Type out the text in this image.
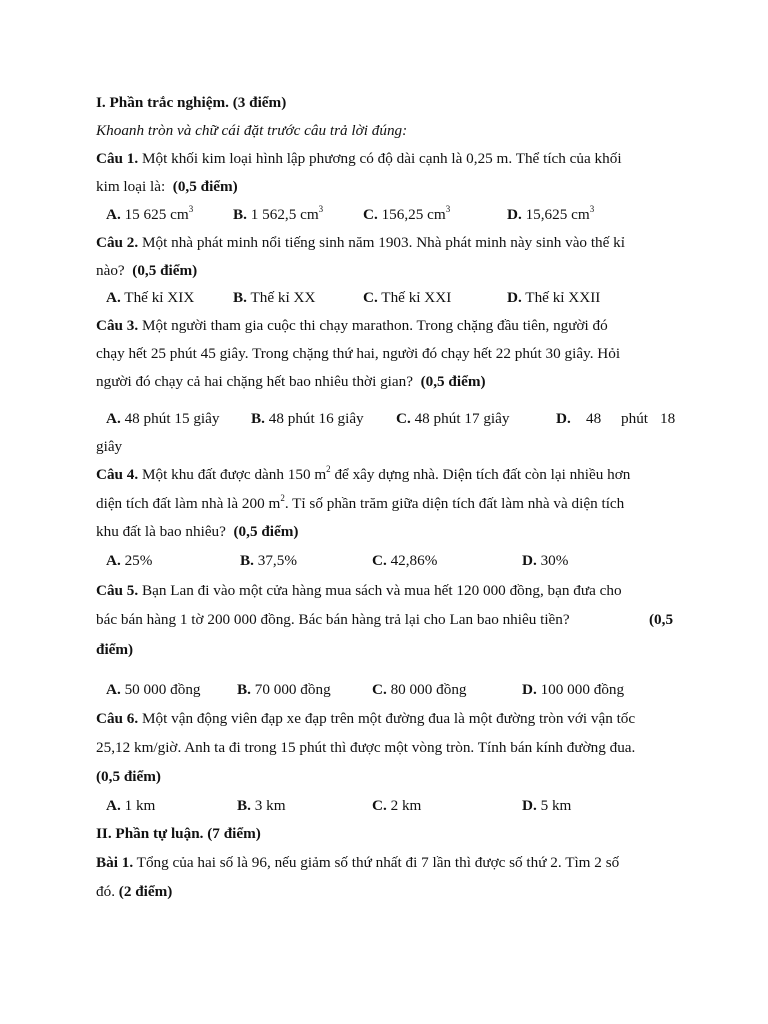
I. Phần trắc nghiệm. (3 điểm)
Khoanh tròn và chữ cái đặt trước câu trả lời đúng:
Câu 1. Một khối kim loại hình lập phương có độ dài cạnh là 0,25 m. Thể tích của khối
kim loại là: (0,5 điểm)
A. 15 625 $cm^3$	B. 1 562,5 $cm^3$	C. 156,25 $cm^3$	D. 15,625 $cm^3$
Câu 2. Một nhà phát minh nổi tiếng sinh năm 1903. Nhà phát minh này sinh vào thế kỉ
nào? (0,5 điểm)
A. Thế kỉ XIX	B. Thế kỉ XX	C. Thế kỉ XXI	D. Thế kỉ XXII
Câu 3. Một người tham gia cuộc thi chạy marathon. Trong chặng đầu tiên, người đó
chạy hết 25 phút 45 giây. Trong chặng thứ hai, người đó chạy hết 22 phút 30 giây. Hỏi
người đó chạy cả hai chặng hết bao nhiêu thời gian? (0,5 điểm)
A. 48 phút 15 giây B. 48 phút 16 giây C. 48 phút 17 giây	D. 48 phút 18
giây
Câu 4. Một khu đất được dành 150 $m^2$ để xây dựng nhà. Diện tích đất còn lại nhiều hơn
diện tích đất làm nhà là 200 $m^2$. Tỉ số phần trăm giữa diện tích đất làm nhà và diện tích
khu đất là bao nhiêu? (0,5 điểm)
A. 25%	B. 37,5%	C. 42,86%	D. 30%
Câu 5. Bạn Lan đi vào một cửa hàng mua sách và mua hết 120 000 đồng, bạn đưa cho
bác bán hàng 1 tờ 200 000 đồng. Bác bán hàng trả lại cho Lan bao nhiêu tiền?	(0,5
điểm)
A. 50 000 đồng B. 70 000 đồng	C. 80 000 đồng	D. 100 000 đồng
Câu 6. Một vận động viên đạp xe đạp trên một đường đua là một đường tròn với vận tốc
25,12 km/giờ. Anh ta đi trong 15 phút thì được một vòng tròn. Tính bán kính đường đua.
(0,5 điểm)
A. 1 km	B. 3 km	C. 2 km	D. 5 km
II. Phần tự luận. (7 điểm)
Bài 1. Tổng của hai số là 96, nếu giảm số thứ nhất đi 7 lần thì được số thứ 2. Tìm 2 số
đó. (2 điểm)
